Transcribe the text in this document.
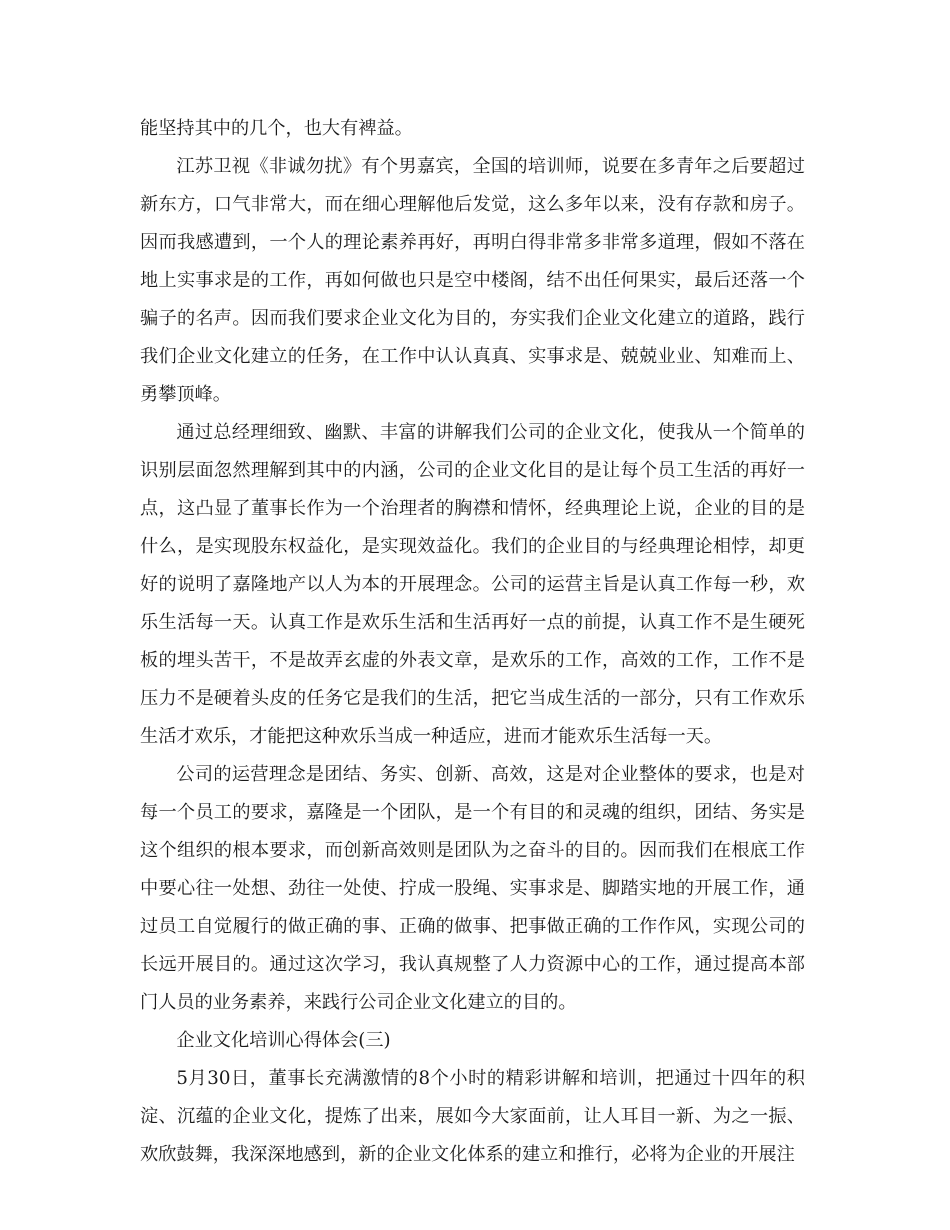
能坚持其中的几个，也大有裨益。

江苏卫视《非诚勿扰》有个男嘉宾，全国的培训师，说要在多青年之后要超过新东方，口气非常大，而在细心理解他后发觉，这么多年以来，没有存款和房子。因而我感遭到，一个人的理论素养再好，再明白得非常多非常多道理，假如不落在地上实事求是的工作，再如何做也只是空中楼阁，结不出任何果实，最后还落一个骗子的名声。因而我们要求企业文化为目的，夯实我们企业文化建立的道路，践行我们企业文化建立的任务，在工作中认认真真、实事求是、兢兢业业、知难而上、勇攀顶峰。

通过总经理细致、幽默、丰富的讲解我们公司的企业文化，使我从一个简单的识别层面忽然理解到其中的内涵，公司的企业文化目的是让每个员工生活的再好一点，这凸显了董事长作为一个治理者的胸襟和情怀，经典理论上说，企业的目的是什么，是实现股东权益化，是实现效益化。我们的企业目的与经典理论相悖，却更好的说明了嘉隆地产以人为本的开展理念。公司的运营主旨是认真工作每一秒，欢乐生活每一天。认真工作是欢乐生活和生活再好一点的前提，认真工作不是生硬死板的埋头苦干，不是故弄玄虚的外表文章，是欢乐的工作，高效的工作，工作不是压力不是硬着头皮的任务它是我们的生活，把它当成生活的一部分，只有工作欢乐生活才欢乐，才能把这种欢乐当成一种适应，进而才能欢乐生活每一天。

公司的运营理念是团结、务实、创新、高效，这是对企业整体的要求，也是对每一个员工的要求，嘉隆是一个团队，是一个有目的和灵魂的组织，团结、务实是这个组织的根本要求，而创新高效则是团队为之奋斗的目的。因而我们在根底工作中要心往一处想、劲往一处使、拧成一股绳、实事求是、脚踏实地的开展工作，通过员工自觉履行的做正确的事、正确的做事、把事做正确的工作作风，实现公司的长远开展目的。通过这次学习，我认真规整了人力资源中心的工作，通过提高本部门人员的业务素养，来践行公司企业文化建立的目的。

企业文化培训心得体会(三)

5月30日，董事长充满激情的8个小时的精彩讲解和培训，把通过十四年的积淀、沉蕴的企业文化，提炼了出来，展如今大家面前，让人耳目一新、为之一振、欢欣鼓舞，我深深地感到，新的企业文化体系的建立和推行，必将为企业的开展注
